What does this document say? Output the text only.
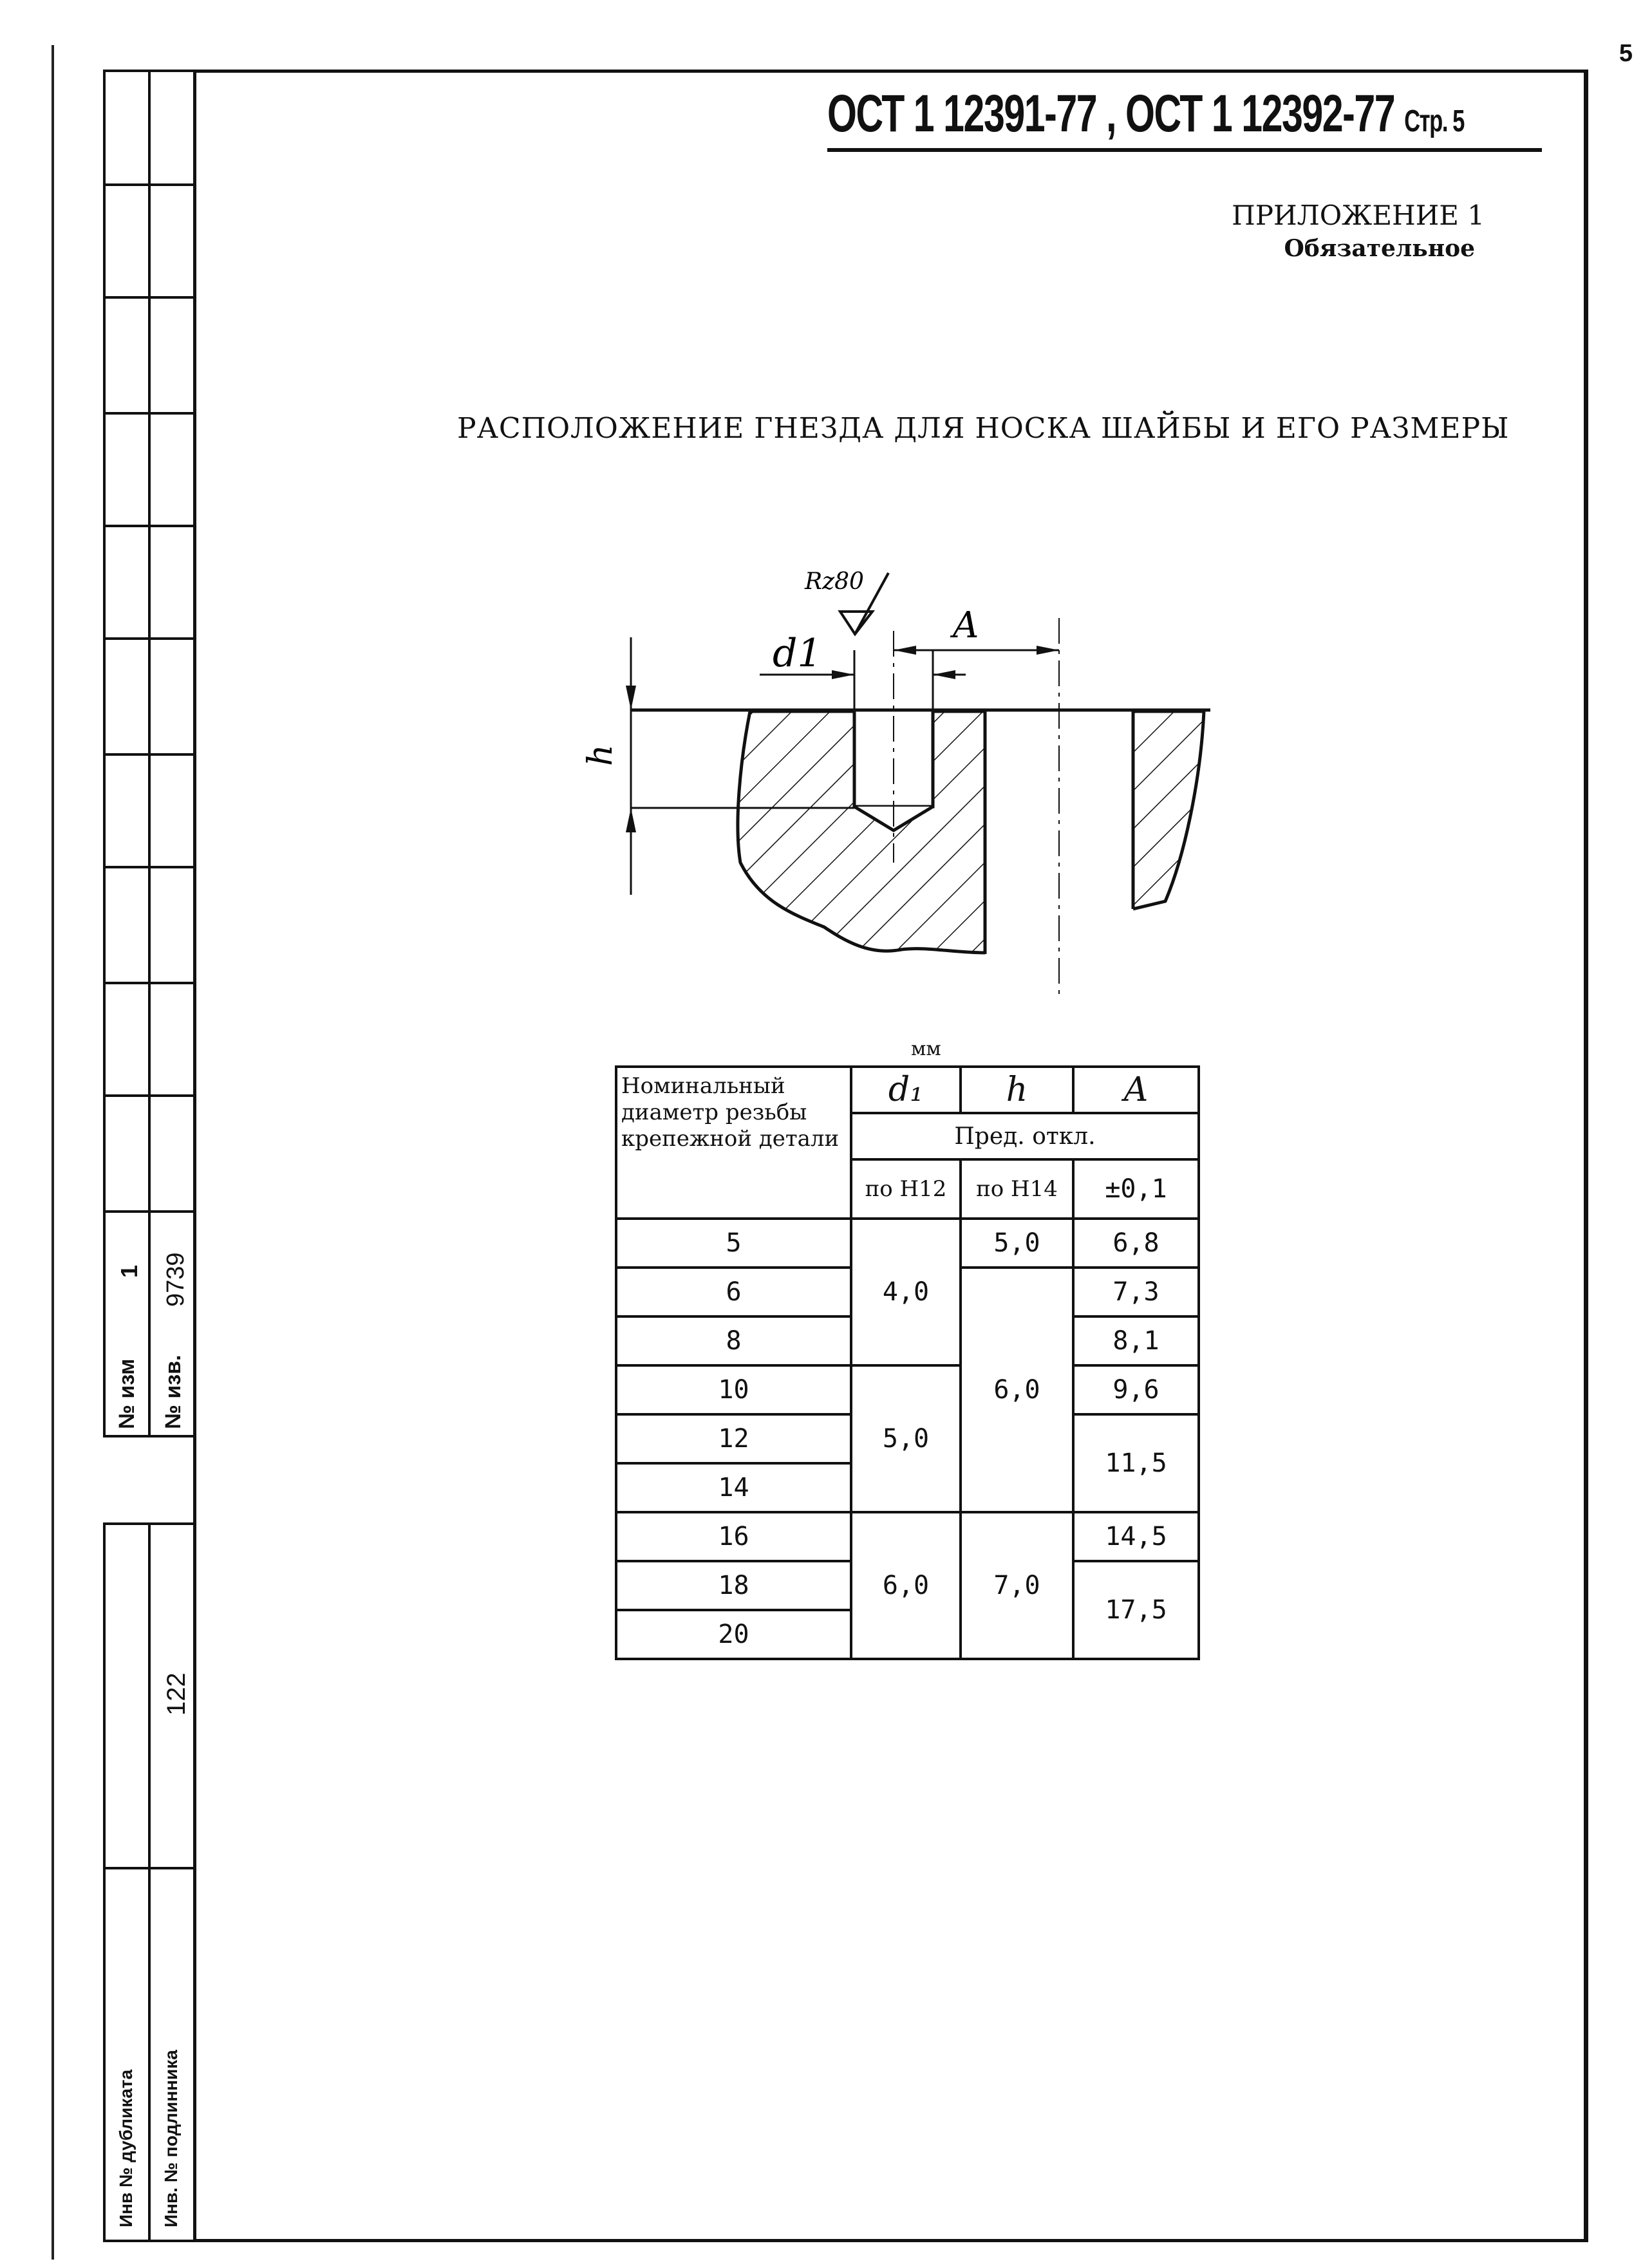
5
№ изм
1
№ изв.
9739
122
Инв № дубликата Инв. № подлинника
ОСТ 1 12391-77 , ОСТ 1 12392-77 Стр. 5
ПРИЛОЖЕНИЕ 1
Обязательное
РАСПОЛОЖЕНИЕ ГНЕЗДА ДЛЯ НОСКА ШАЙБЫ И ЕГО РАЗМЕРЫ
h
d1
A
Rz80
мм
Номинальный диаметр резьбы крепежной детали	d₁	h	A
	Пред. откл.		
	по Н12	по Н14	±0,1
5	4,0	5,0	6,8
6		6,0	7,3
8			8,1
10	5,0		9,6
12			11,5
14			
16	6,0	7,0	14,5
18			17,5
20			
